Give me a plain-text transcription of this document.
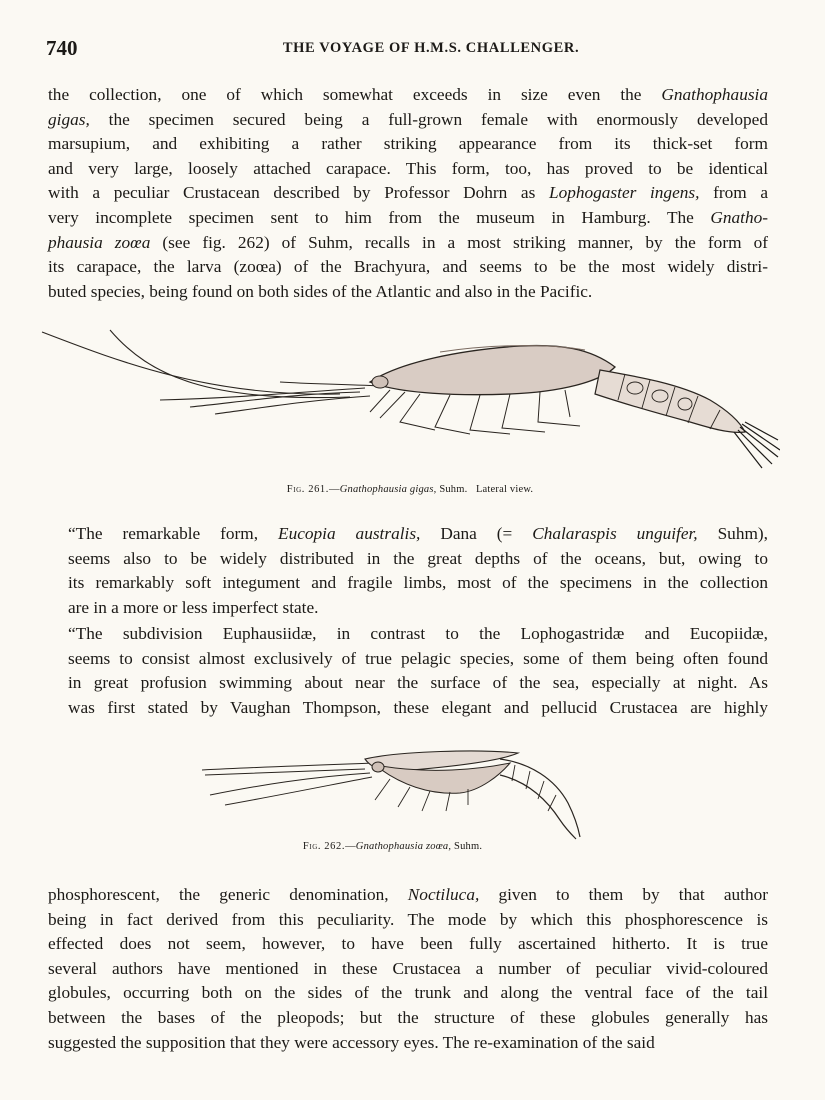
740	THE VOYAGE OF H.M.S. CHALLENGER.

the collection, one of which somewhat exceeds in size even the Gnathophausia
gigas, the specimen secured being a full-grown female with enormously developed
marsupium, and exhibiting a rather striking appearance from its thick-set form
and very large, loosely attached carapace. This form, too, has proved to be identical
with a peculiar Crustacean described by Professor Dohrn as Lophogaster ingens, from a
very incomplete specimen sent to him from the museum in Hamburg. The Gnatho-
phausia zoœa (see fig. 262) of Suhm, recalls in a most striking manner, by the form of
its carapace, the larva (zoœa) of the Brachyura, and seems to be the most widely distri-
buted species, being found on both sides of the Atlantic and also in the Pacific.

Fig. 261.—Gnathophausia gigas, Suhm. Lateral view.

“The remarkable form, Eucopia australis, Dana (= Chalaraspis unguifer, Suhm),
seems also to be widely distributed in the great depths of the oceans, but, owing to
its remarkably soft integument and fragile limbs, most of the specimens in the collection
are in a more or less imperfect state.

“The subdivision Euphausiidæ, in contrast to the Lophogastridæ and Eucopiidæ,
seems to consist almost exclusively of true pelagic species, some of them being often found
in great profusion swimming about near the surface of the sea, especially at night. As
was first stated by Vaughan Thompson, these elegant and pellucid Crustacea are highly

Fig. 262.—Gnathophausia zoœa, Suhm.

phosphorescent, the generic denomination, Noctiluca, given to them by that author
being in fact derived from this peculiarity. The mode by which this phosphorescence is
effected does not seem, however, to have been fully ascertained hitherto. It is true
several authors have mentioned in these Crustacea a number of peculiar vivid-coloured
globules, occurring both on the sides of the trunk and along the ventral face of the tail
between the bases of the pleopods; but the structure of these globules generally has
suggested the supposition that they were accessory eyes. The re-examination of the said
